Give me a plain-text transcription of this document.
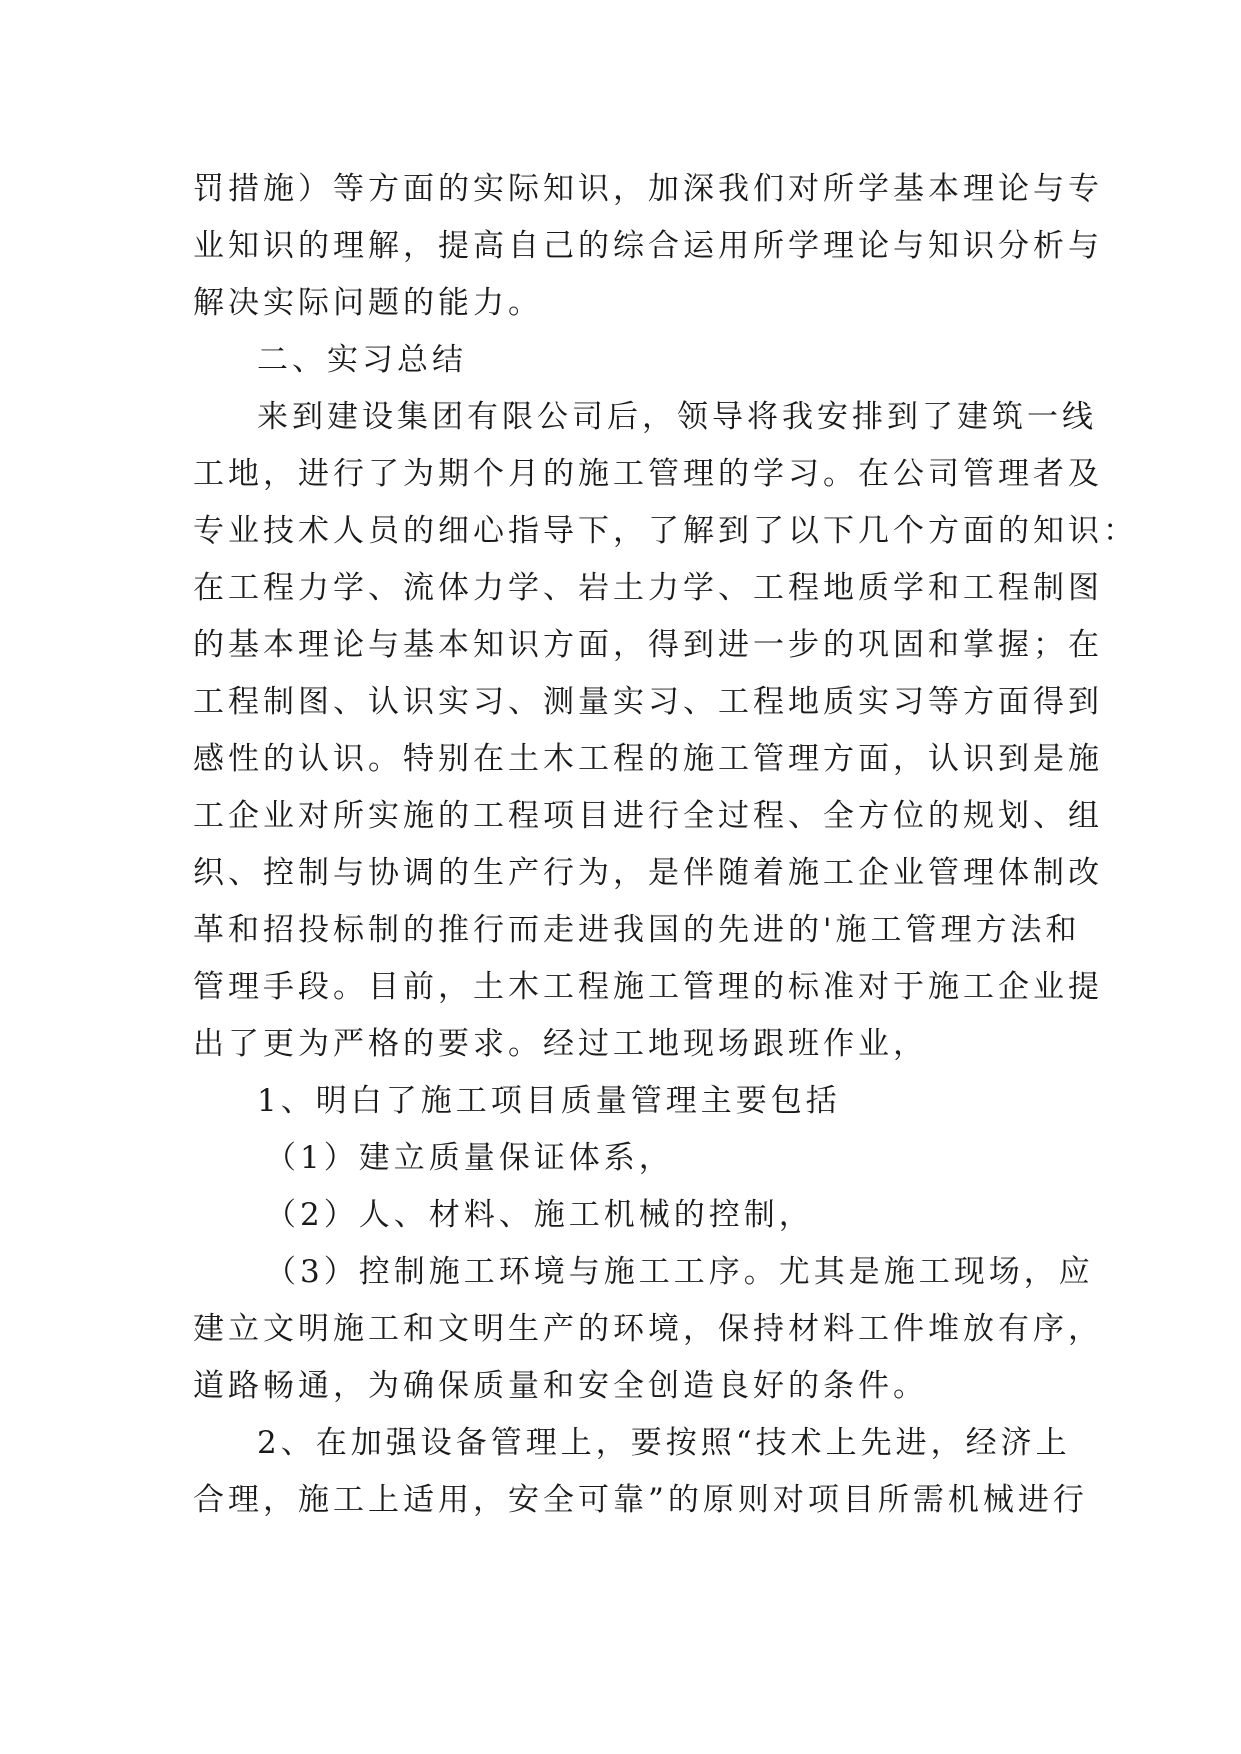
罚措施）等方面的实际知识，加深我们对所学基本理论与专
业知识的理解，提高自己的综合运用所学理论与知识分析与
解决实际问题的能力。
二、实习总结
来到建设集团有限公司后，领导将我安排到了建筑一线
工地，进行了为期个月的施工管理的学习。在公司管理者及
专业技术人员的细心指导下，了解到了以下几个方面的知识：
在工程力学、流体力学、岩土力学、工程地质学和工程制图
的基本理论与基本知识方面，得到进一步的巩固和掌握；在
工程制图、认识实习、测量实习、工程地质实习等方面得到
感性的认识。特别在土木工程的施工管理方面，认识到是施
工企业对所实施的工程项目进行全过程、全方位的规划、组
织、控制与协调的生产行为，是伴随着施工企业管理体制改
革和招投标制的推行而走进我国的先进的'施工管理方法和
管理手段。目前，土木工程施工管理的标准对于施工企业提
出了更为严格的要求。经过工地现场跟班作业，
1、明白了施工项目质量管理主要包括
（1）建立质量保证体系，
（2）人、材料、施工机械的控制，
（3）控制施工环境与施工工序。尤其是施工现场，应
建立文明施工和文明生产的环境，保持材料工件堆放有序，
道路畅通，为确保质量和安全创造良好的条件。
2、在加强设备管理上，要按照“技术上先进，经济上
合理，施工上适用，安全可靠”的原则对项目所需机械进行
